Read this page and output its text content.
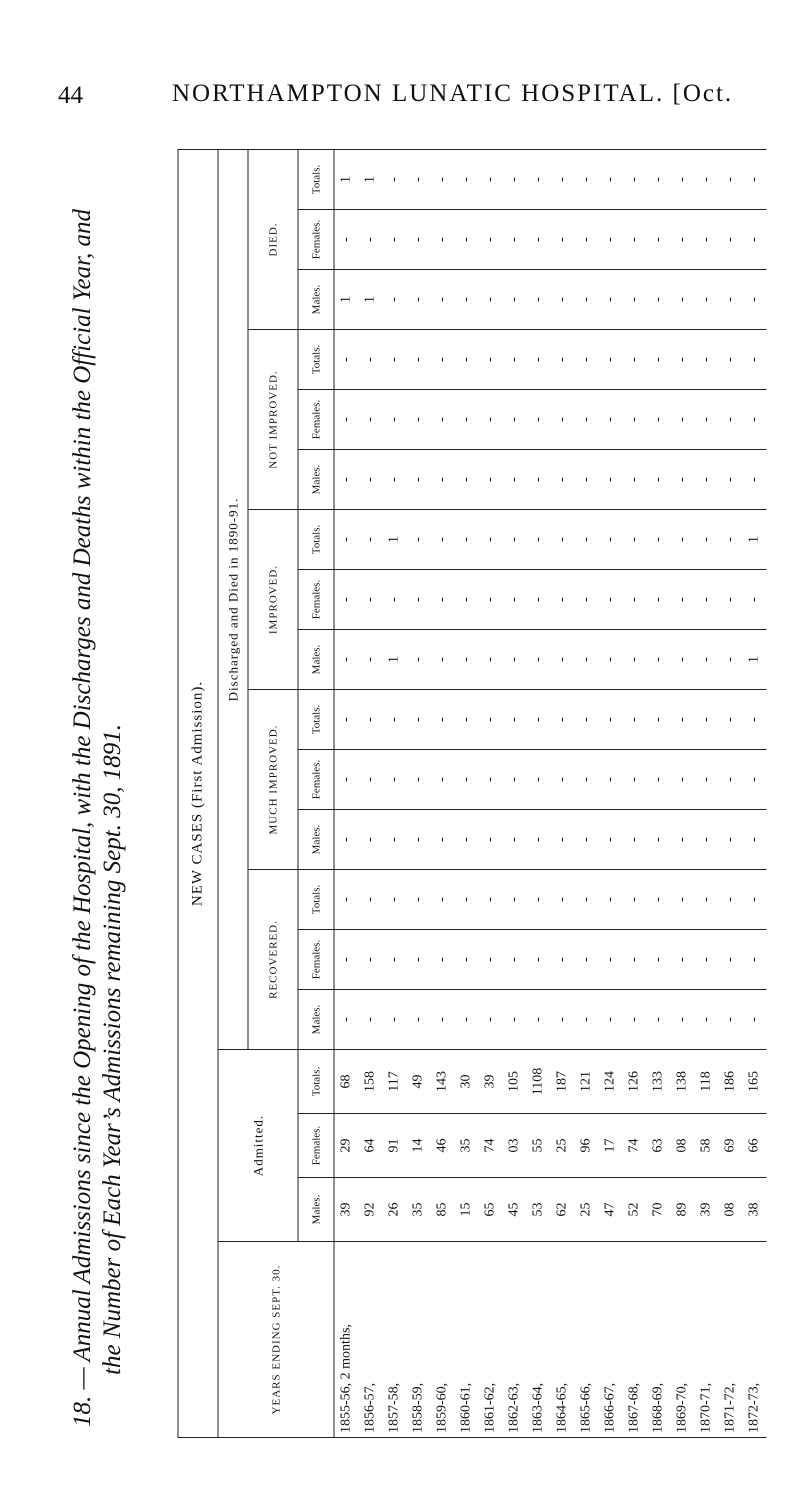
44	NORTHAMPTON LUNATIC HOSPITAL. [Oct.
18. — Annual Admissions since the Opening of the Hospital, with the Discharges and Deaths within the Official Year, and the Number of Each Year’s Admissions remaining Sept. 30, 1891.	NEW CASES (First Admission).																		
YEARS ENDING SEPT. 30.	Admitted.			Discharged and Died in 1890-91.														
				RECOVERED.			MUCH IMPROVED.			IMPROVED.			NOT IMPROVED.			DIED.		
	Males.	Females.	Totals.	Males.	Females.	Totals.	Males.	Females.	Totals.	Males.	Females.	Totals.	Males.	Females.	Totals.	Males.	Females.	Totals.
1855-56, 2 months,	39	29	68	-	-	-	-	-	-	-	-	-	-	-	-	1	-	1
1856-57,	92	64	158	-	-	-	-	-	-	-	-	-	-	-	-	1	-	1
1857-58,	26	91	117	-	-	-	-	-	-	1	-	1	-	-	-	-	-	-
1858-59,	35	14	49	-	-	-	-	-	-	-	-	-	-	-	-	-	-	-
1859-60,	85	46	143	-	-	-	-	-	-	-	-	-	-	-	-	-	-	-
1860-61,	15	35	30	-	-	-	-	-	-	-	-	-	-	-	-	-	-	-
1861-62,	65	74	39	-	-	-	-	-	-	-	-	-	-	-	-	-	-	-
1862-63,	45	03	105	-	-	-	-	-	-	-	-	-	-	-	-	-	-	-
1863-64,	53	55	1108	-	-	-	-	-	-	-	-	-	-	-	-	-	-	-
1864-65,	62	25	187	-	-	-	-	-	-	-	-	-	-	-	-	-	-	-
1865-66,	25	96	121	-	-	-	-	-	-	-	-	-	-	-	-	-	-	-
1866-67,	47	17	124	-	-	-	-	-	-	-	-	-	-	-	-	-	-	-
1867-68,	52	74	126	-	-	-	-	-	-	-	-	-	-	-	-	-	-	-
1868-69,	70	63	133	-	-	-	-	-	-	-	-	-	-	-	-	-	-	-
1869-70,	89	08	138	-	-	-	-	-	-	-	-	-	-	-	-	-	-	-
1870-71,	39	58	118	-	-	-	-	-	-	-	-	-	-	-	-	-	-	-
1871-72,	08	69	186	-	-	-	-	-	-	-	-	-	-	-	-	-	-	-
1872-73,	38	66	165	-	-	-	-	-	-	1	-	1	-	-	-	-	-	-
